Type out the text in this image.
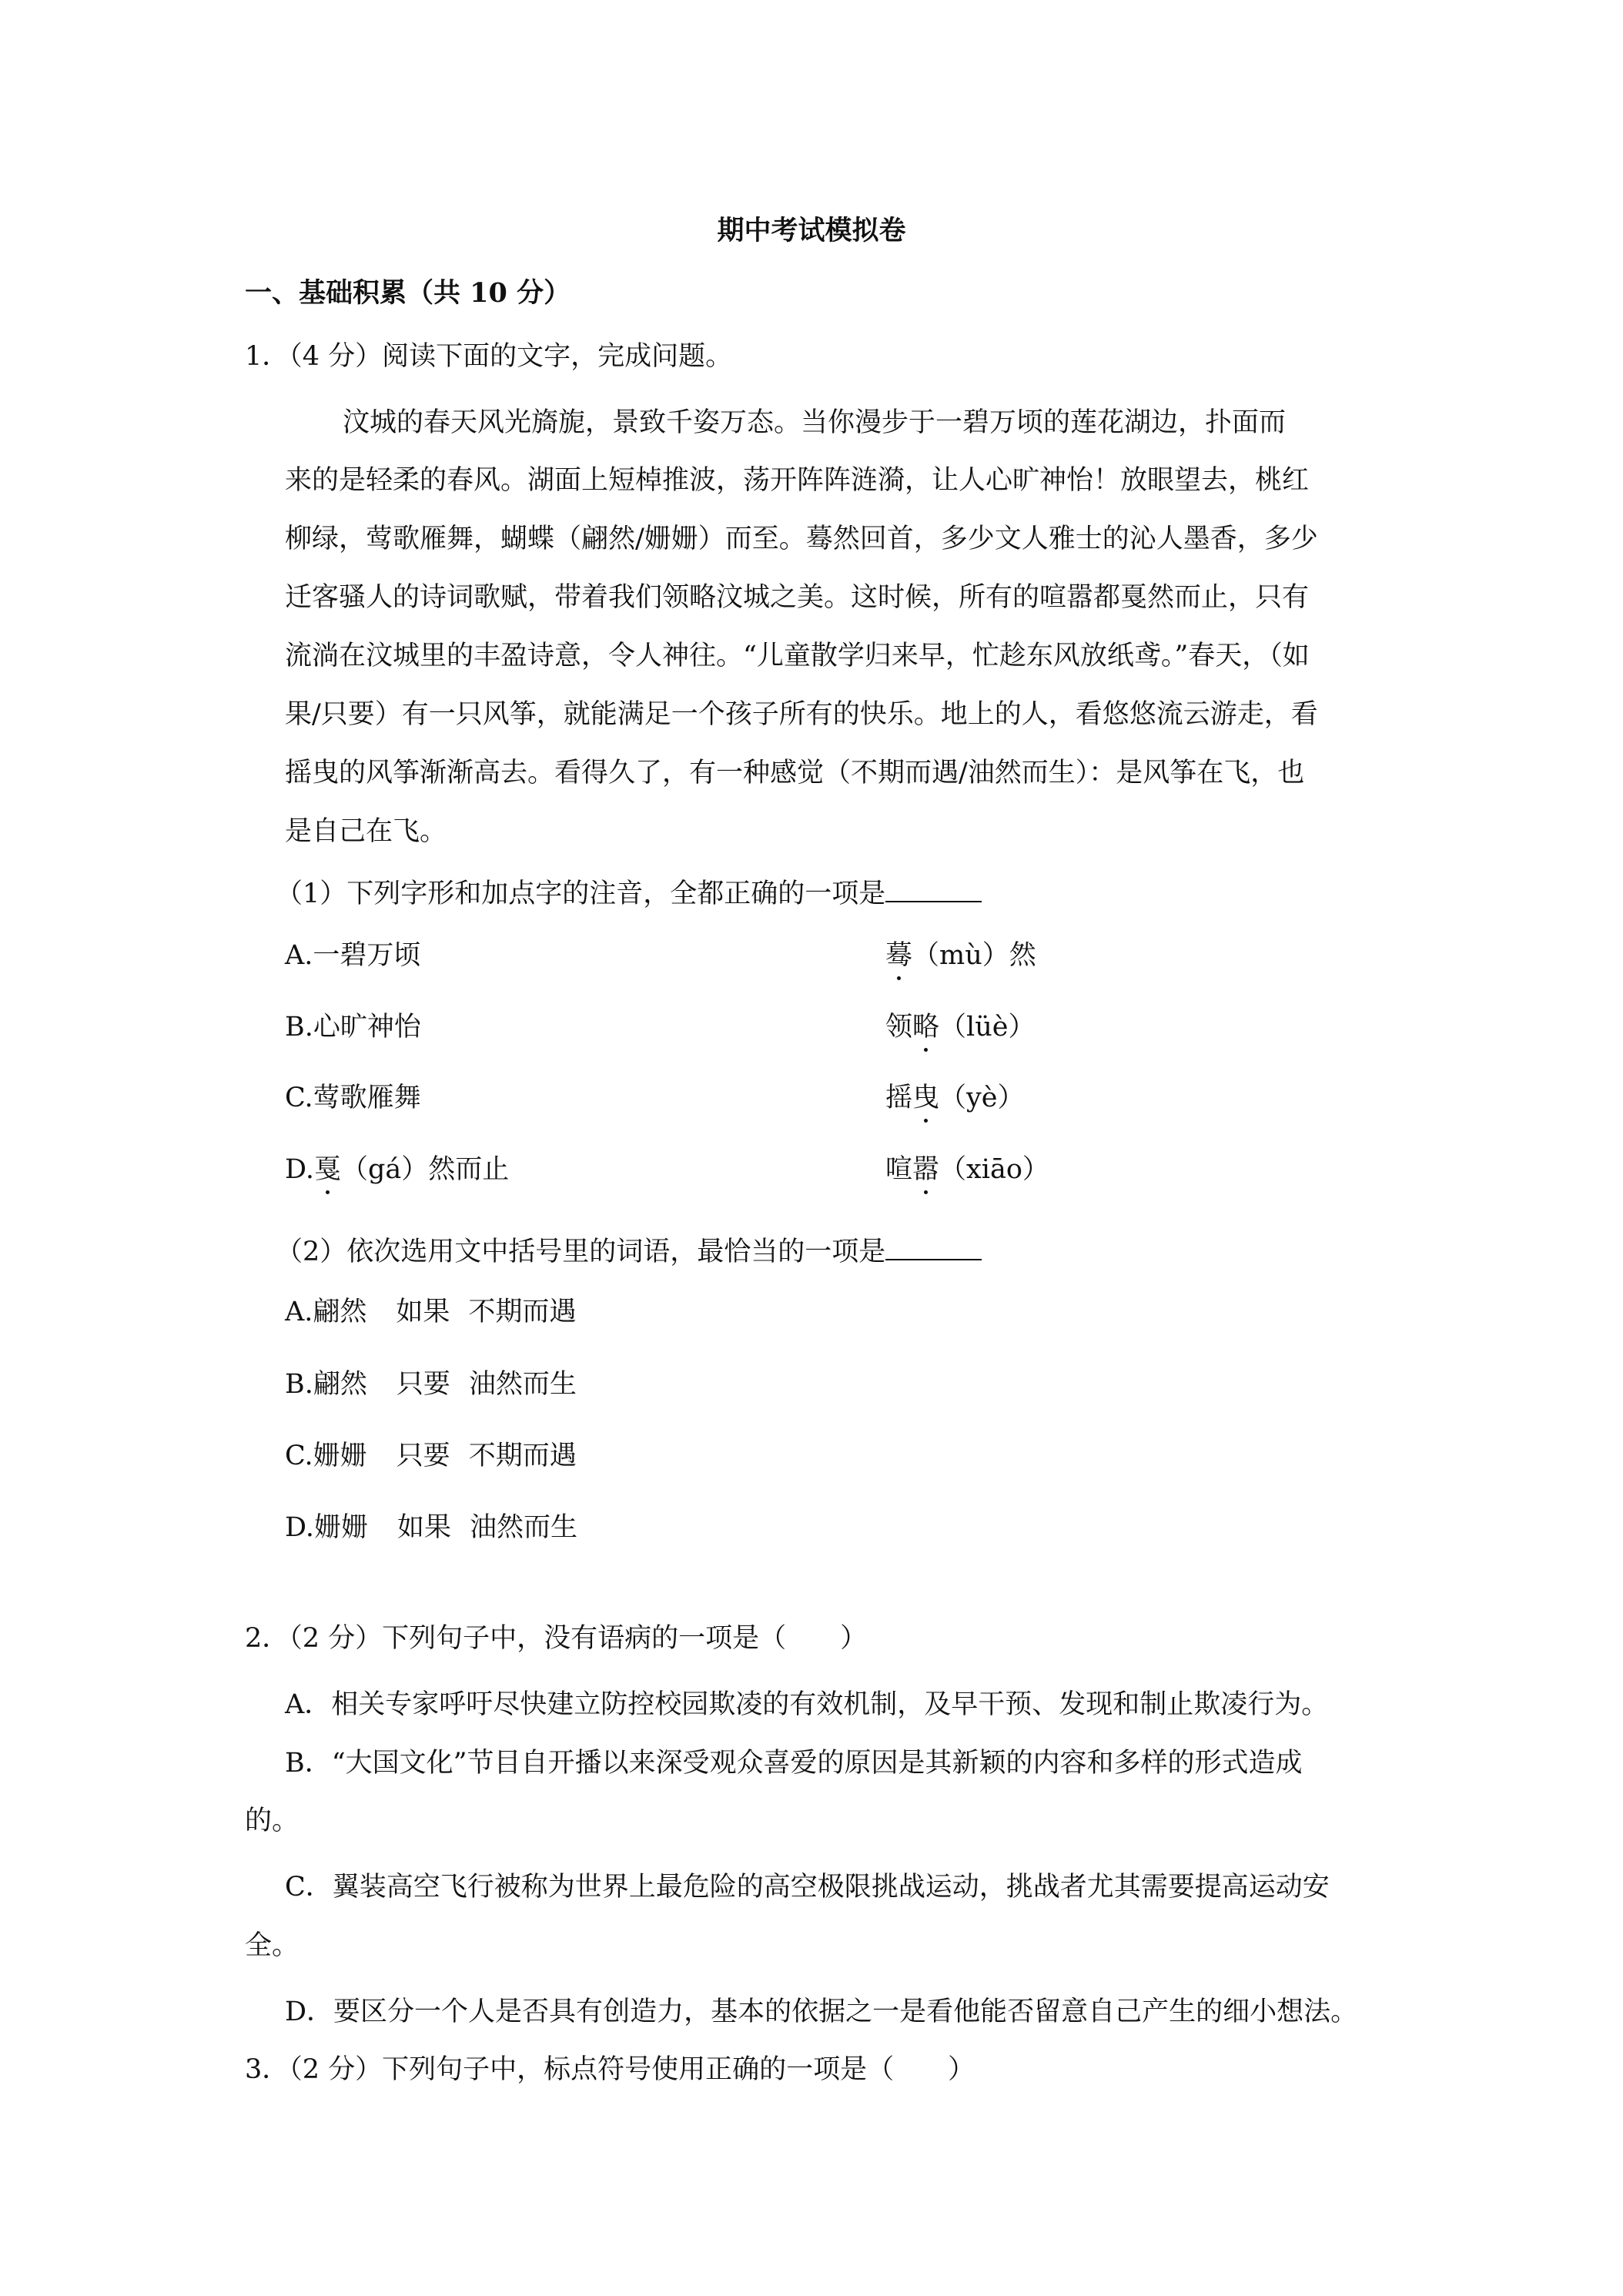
期中考试模拟卷
一、基础积累（共 10 分）
1．（4 分）阅读下面的文字，完成问题。
汶城的春天风光旖旎，景致千姿万态。当你漫步于一碧万顷的莲花湖边，扑面而
来的是轻柔的春风。湖面上短棹推波，荡开阵阵涟漪，让人心旷神怡！放眼望去，桃红
柳绿，莺歌雁舞，蝴蝶（翩然/姗姗）而至。蓦然回首，多少文人雅士的沁人墨香，多少
迁客骚人的诗词歌赋，带着我们领略汶城之美。这时候，所有的喧嚣都戛然而止，只有
流淌在汶城里的丰盈诗意，令人神往。“儿童散学归来早，忙趁东风放纸鸢。”春天，（如
果/只要）有一只风筝，就能满足一个孩子所有的快乐。地上的人，看悠悠流云游走，看
摇曳的风筝渐渐高去。看得久了，有一种感觉（不期而遇/油然而生）：是风筝在飞，也
是自己在飞。
（1）下列字形和加点字的注音，全都正确的一项是
A.一碧万顷	蓦（mù）然
B.心旷神怡	领略（lüè）
C.莺歌雁舞	摇曳（yè）
D.戛（gá）然而止	喧嚣（xiāo）
（2）依次选用文中括号里的词语，最恰当的一项是
A.翩然 如果 不期而遇
B.翩然 只要 油然而生
C.姗姗 只要 不期而遇
D.姗姗 如果 油然而生
2．（2 分）下列句子中，没有语病的一项是（　　）
A．相关专家呼吁尽快建立防控校园欺凌的有效机制，及早干预、发现和制止欺凌行为。
B．“大国文化”节目自开播以来深受观众喜爱的原因是其新颖的内容和多样的形式造成
的。
C．翼装高空飞行被称为世界上最危险的高空极限挑战运动，挑战者尤其需要提高运动安
全。
D．要区分一个人是否具有创造力，基本的依据之一是看他能否留意自己产生的细小想法。
3．（2 分）下列句子中，标点符号使用正确的一项是（　　）
